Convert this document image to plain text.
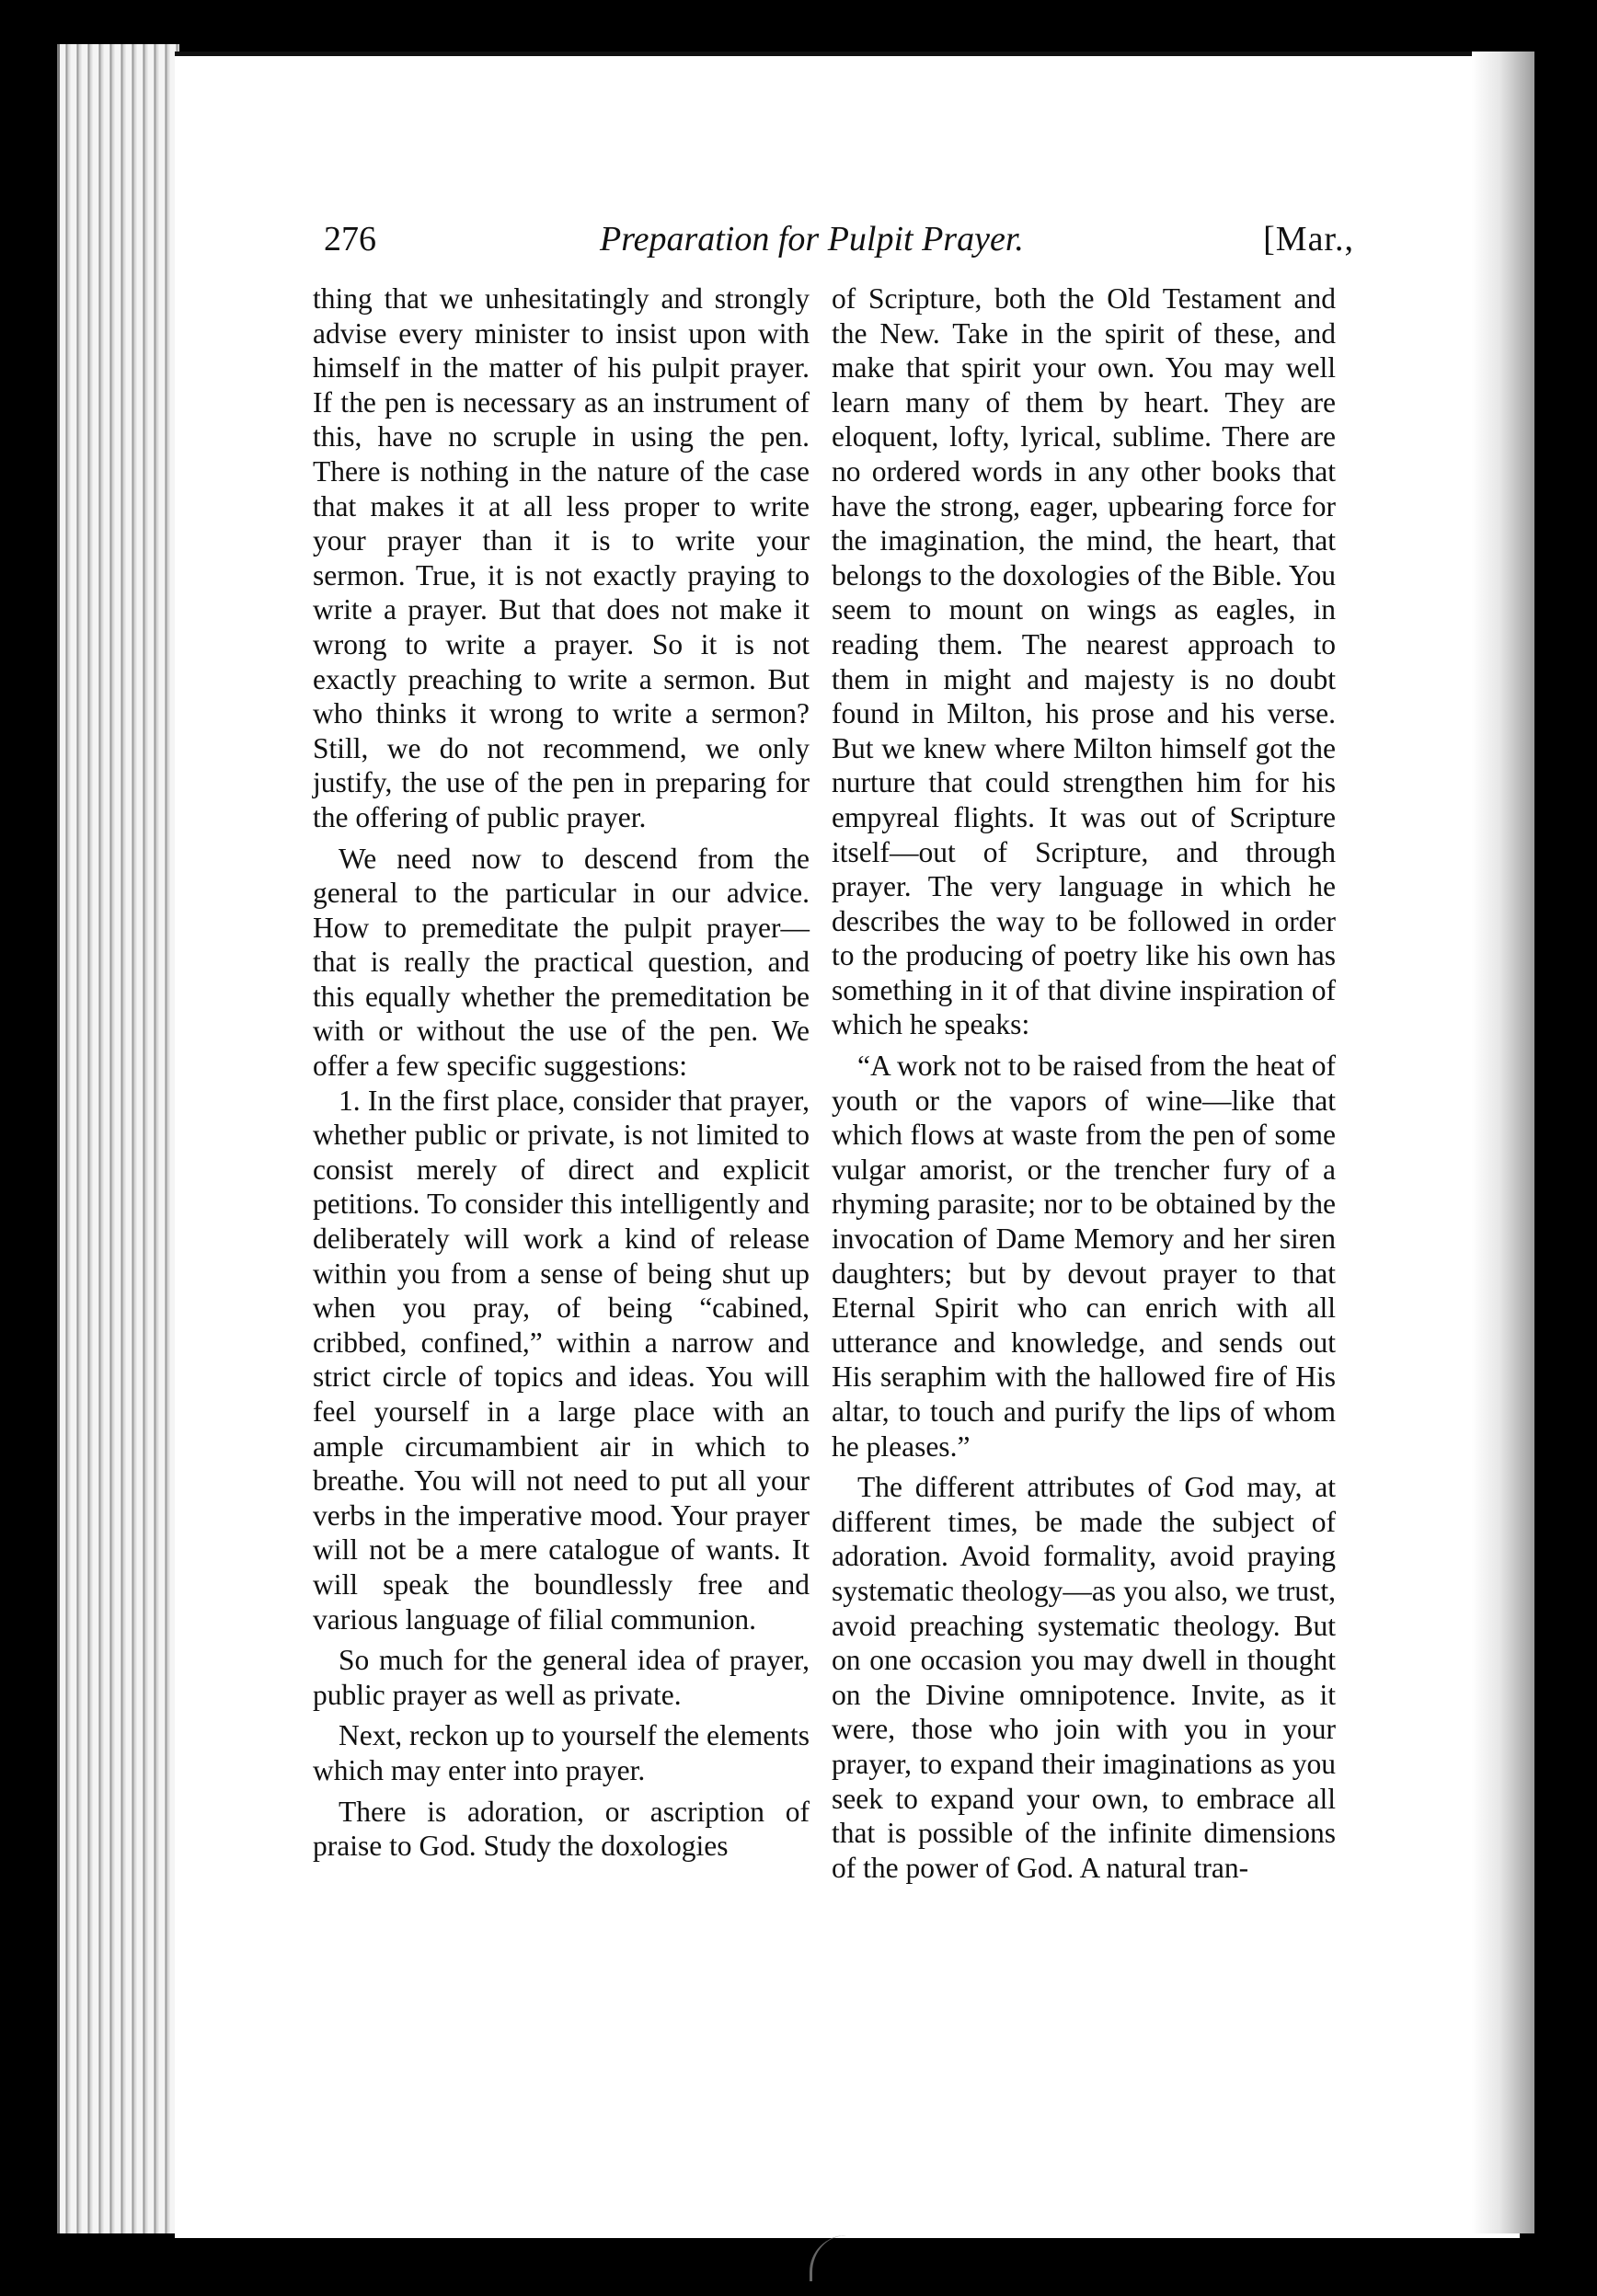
276	Preparation for Pulpit Prayer.	[Mar.,

thing that we unhesitatingly and strongly advise every minister to insist upon with himself in the matter of his pulpit prayer. If the pen is necessary as an instrument of this, have no scruple in using the pen. There is nothing in the nature of the case that makes it at all less proper to write your prayer than it is to write your sermon. True, it is not exactly praying to write a prayer. But that does not make it wrong to write a prayer. So it is not exactly preaching to write a sermon. But who thinks it wrong to write a sermon? Still, we do not recommend, we only justify, the use of the pen in preparing for the offering of public prayer.

We need now to descend from the general to the particular in our advice. How to premeditate the pulpit prayer—that is really the practical question, and this equally whether the premeditation be with or without the use of the pen. We offer a few specific suggestions:

1. In the first place, consider that prayer, whether public or private, is not limited to consist merely of direct and explicit petitions. To consider this intelligently and deliberately will work a kind of release within you from a sense of being shut up when you pray, of being “cabined, cribbed, confined,” within a narrow and strict circle of topics and ideas. You will feel yourself in a large place with an ample circumambient air in which to breathe. You will not need to put all your verbs in the imperative mood. Your prayer will not be a mere catalogue of wants. It will speak the boundlessly free and various language of filial communion.

So much for the general idea of prayer, public prayer as well as private.

Next, reckon up to yourself the elements which may enter into prayer.

There is adoration, or ascription of praise to God. Study the doxologies

of Scripture, both the Old Testament and the New. Take in the spirit of these, and make that spirit your own. You may well learn many of them by heart. They are eloquent, lofty, lyrical, sublime. There are no ordered words in any other books that have the strong, eager, upbearing force for the imagination, the mind, the heart, that belongs to the doxologies of the Bible. You seem to mount on wings as eagles, in reading them. The nearest approach to them in might and majesty is no doubt found in Milton, his prose and his verse. But we knew where Milton himself got the nurture that could strengthen him for his empyreal flights. It was out of Scripture itself—out of Scripture, and through prayer. The very language in which he describes the way to be followed in order to the producing of poetry like his own has something in it of that divine inspiration of which he speaks:

“A work not to be raised from the heat of youth or the vapors of wine—like that which flows at waste from the pen of some vulgar amorist, or the trencher fury of a rhyming parasite; nor to be obtained by the invocation of Dame Memory and her siren daughters; but by devout prayer to that Eternal Spirit who can enrich with all utterance and knowledge, and sends out His seraphim with the hallowed fire of His altar, to touch and purify the lips of whom he pleases.”

The different attributes of God may, at different times, be made the subject of adoration. Avoid formality, avoid praying systematic theology—as you also, we trust, avoid preaching systematic theology. But on one occasion you may dwell in thought on the Divine omnipotence. Invite, as it were, those who join with you in your prayer, to expand their imaginations as you seek to expand your own, to embrace all that is possible of the infinite dimensions of the power of God. A natural tran-
